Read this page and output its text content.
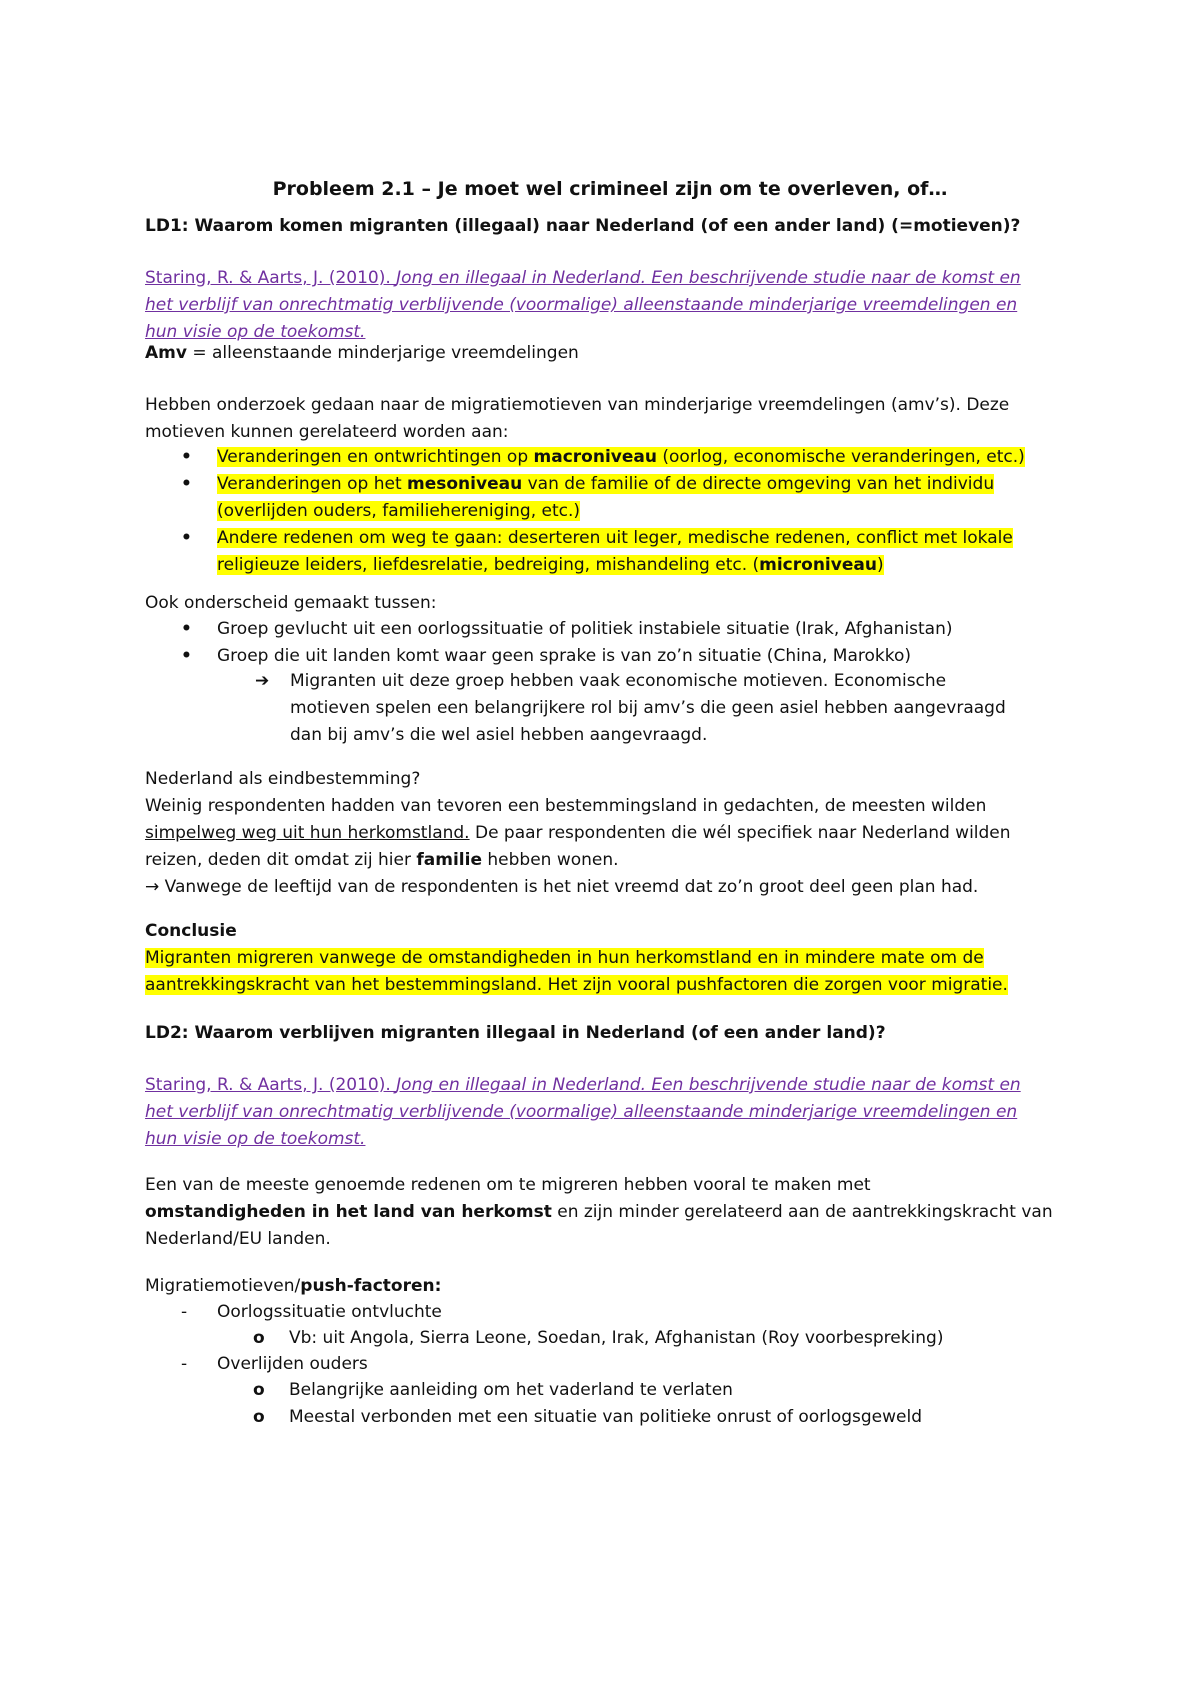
Probleem 2.1 – Je moet wel crimineel zijn om te overleven, of…
LD1: Waarom komen migranten (illegaal) naar Nederland (of een ander land) (=motieven)?
Staring, R. & Aarts, J. (2010). Jong en illegaal in Nederland. Een beschrijvende studie naar de komst en
het verblijf van onrechtmatig verblijvende (voormalige) alleenstaande minderjarige vreemdelingen en
hun visie op de toekomst.
Amv = alleenstaande minderjarige vreemdelingen
Hebben onderzoek gedaan naar de migratiemotieven van minderjarige vreemdelingen (amv’s). Deze
motieven kunnen gerelateerd worden aan:
•	Veranderingen en ontwrichtingen op macroniveau (oorlog, economische veranderingen, etc.)
•	Veranderingen op het mesoniveau van de familie of de directe omgeving van het individu
(overlijden ouders, familiehereniging, etc.)
•	Andere redenen om weg te gaan: deserteren uit leger, medische redenen, conflict met lokale
religieuze leiders, liefdesrelatie, bedreiging, mishandeling etc. (microniveau)
Ook onderscheid gemaakt tussen:
•	Groep gevlucht uit een oorlogssituatie of politiek instabiele situatie (Irak, Afghanistan)
•	Groep die uit landen komt waar geen sprake is van zo’n situatie (China, Marokko)
➔ Migranten uit deze groep hebben vaak economische motieven. Economische
motieven spelen een belangrijkere rol bij amv’s die geen asiel hebben aangevraagd
dan bij amv’s die wel asiel hebben aangevraagd.
Nederland als eindbestemming?
Weinig respondenten hadden van tevoren een bestemmingsland in gedachten, de meesten wilden
simpelweg weg uit hun herkomstland. De paar respondenten die wél specifiek naar Nederland wilden
reizen, deden dit omdat zij hier familie hebben wonen.
→ Vanwege de leeftijd van de respondenten is het niet vreemd dat zo’n groot deel geen plan had.
Conclusie
Migranten migreren vanwege de omstandigheden in hun herkomstland en in mindere mate om de
aantrekkingskracht van het bestemmingsland. Het zijn vooral pushfactoren die zorgen voor migratie.
LD2: Waarom verblijven migranten illegaal in Nederland (of een ander land)?
Staring, R. & Aarts, J. (2010). Jong en illegaal in Nederland. Een beschrijvende studie naar de komst en
het verblijf van onrechtmatig verblijvende (voormalige) alleenstaande minderjarige vreemdelingen en
hun visie op de toekomst.
Een van de meeste genoemde redenen om te migreren hebben vooral te maken met
omstandigheden in het land van herkomst en zijn minder gerelateerd aan de aantrekkingskracht van
Nederland/EU landen.
Migratiemotieven/push-factoren:
-	Oorlogssituatie ontvluchte
o Vb: uit Angola, Sierra Leone, Soedan, Irak, Afghanistan (Roy voorbespreking)
-	Overlijden ouders
o Belangrijke aanleiding om het vaderland te verlaten
o Meestal verbonden met een situatie van politieke onrust of oorlogsgeweld
